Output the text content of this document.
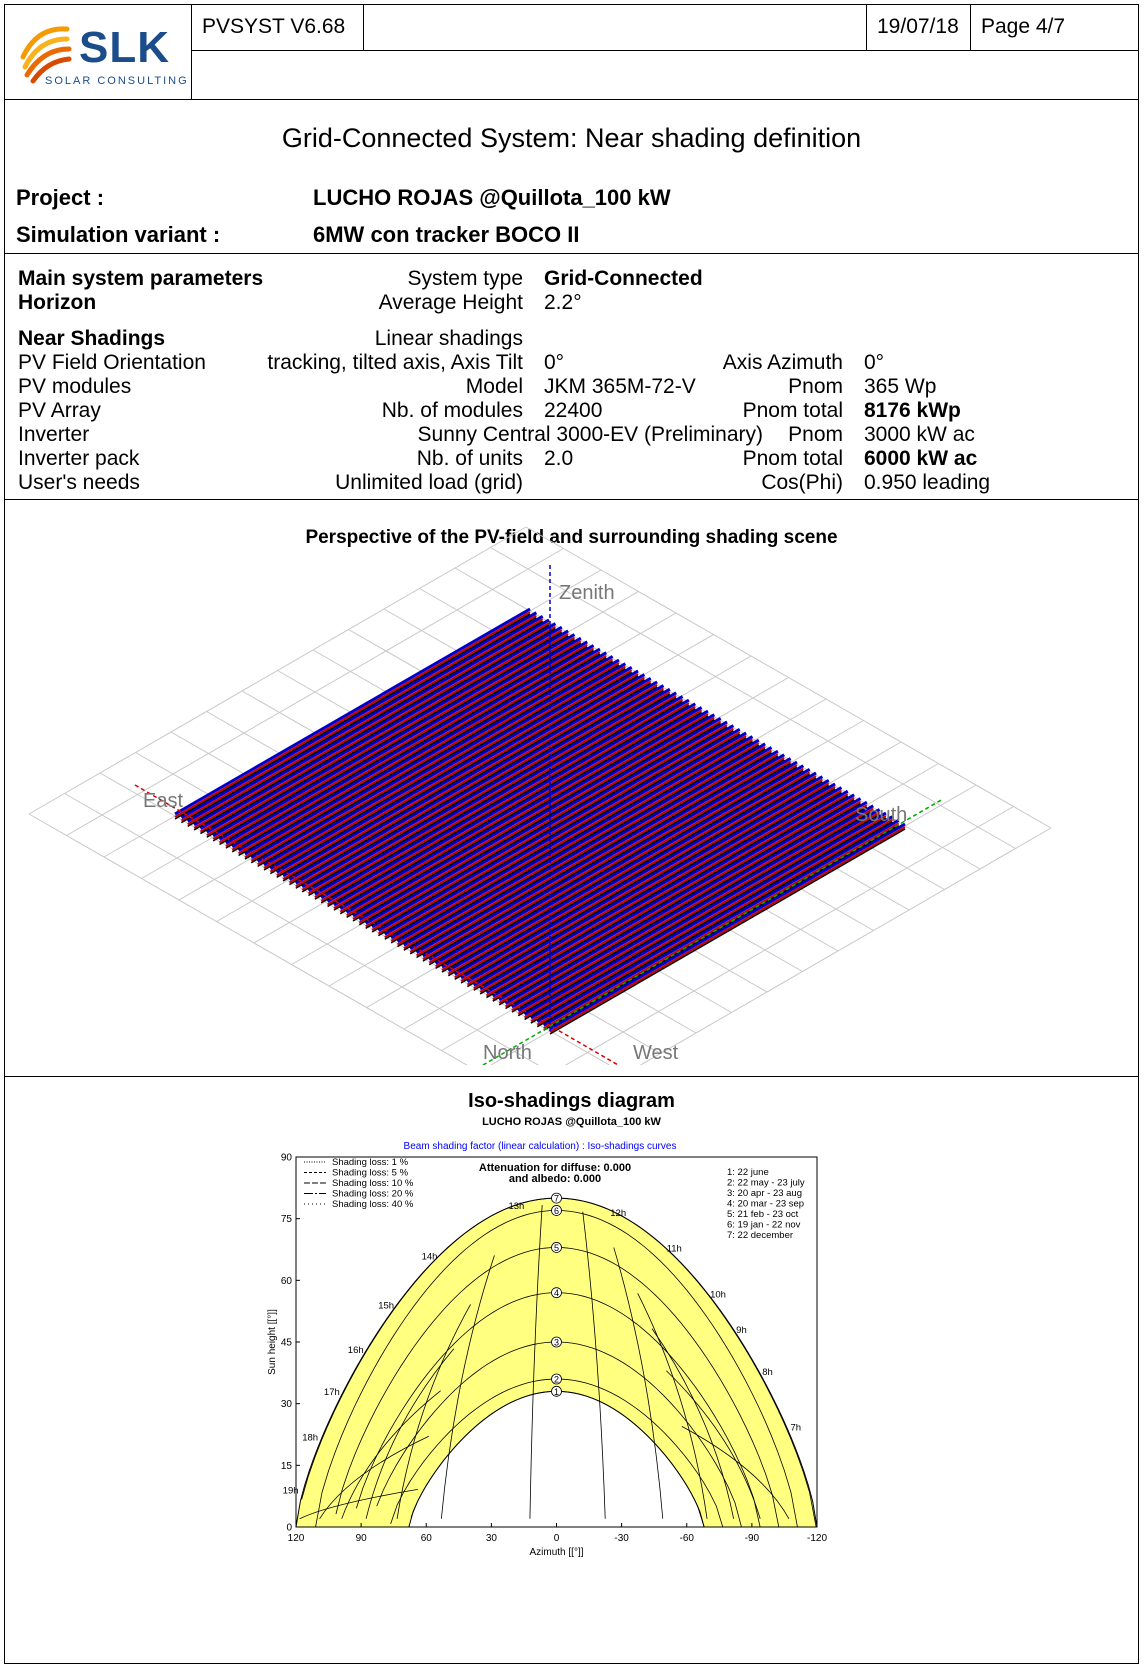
SLK
SOLAR CONSULTING
PVSYST V6.68	19/07/18 Page 4/7
Grid-Connected System: Near shading definition
Project :	LUCHO ROJAS @Quillota_100 kW
Simulation variant :	6MW con tracker BOCO II
Main system parameters	System type Grid-Connected
Horizon	Average Height 2.2°
Near Shadings	Linear shadings
PV Field Orientation	tracking, tilted axis, Axis Tilt 0°	Axis Azimuth 0°
PV modules	Model JKM 365M-72-V	Pnom 365 Wp
PV Array	Nb. of modules 22400	Pnom total 8176 kWp
Inverter	Sunny Central 3000-EV (Preliminary) Pnom 3000 kW ac
Inverter pack	Nb. of units 2.0	Pnom total 6000 kW ac
User's needs	Unlimited load (grid)	Cos(Phi) 0.950 leading
Perspective of the PV-field and surrounding shading scene
Zenith
East
South
North	West
Iso-shadings diagram
LUCHO ROJAS @Quillota_100 kW
Beam shading factor (linear calculation) : Iso-shadings curves
1
2
3
4
5
6
7
7h
8h
9h
10h
11h
12h
13h
14h
15h
16h
17h
18h
19h
120	90	60	30	0	-30	-60	-90	-120
0
15
30
45
60
75
90
Azimuth [[°]]
Sun height [[°]]
Shading loss: 1 %
Shading loss: 5 %
Shading loss: 10 %
Shading loss: 20 %
Shading loss: 40 %
Attenuation for diffuse: 0.000
and albedo: 0.000
1: 22 june
2: 22 may - 23 july
3: 20 apr - 23 aug
4: 20 mar - 23 sep
5: 21 feb - 23 oct
6: 19 jan - 22 nov
7: 22 december
